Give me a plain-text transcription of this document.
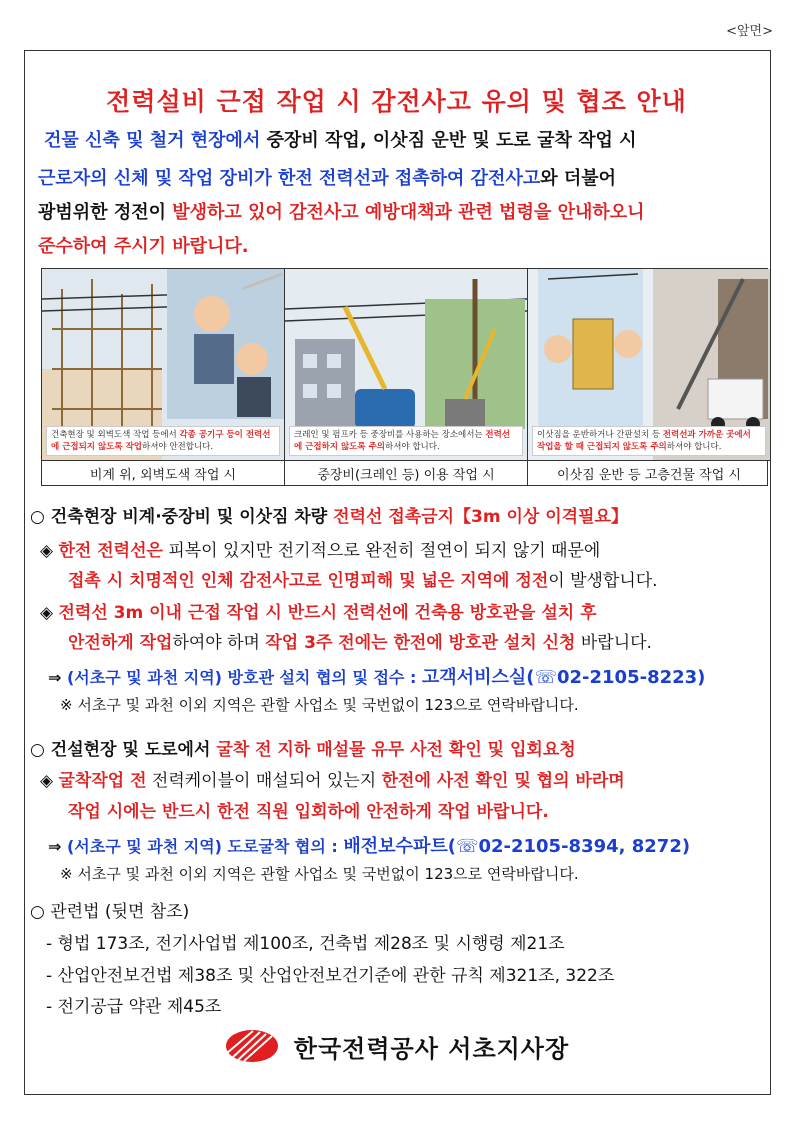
<앞면>
전력설비 근접 작업 시 감전사고 유의 및 협조 안내
건물 신축 및 철거 현장에서 중장비 작업, 이삿짐 운반 및 도로 굴착 작업 시
근로자의 신체 및 작업 장비가 한전 전력선과 접촉하여 감전사고와 더불어
광범위한 정전이 발생하고 있어 감전사고 예방대책과 관련 법령을 안내하오니
준수하여 주시기 바랍니다.
건축현장 및 외벽도색 작업 등에서 각종 공기구 등이 전력선에 근접되지 않도록 작업하셔야 안전합니다.
비계 위, 외벽도색 작업 시
크레인 및 펌프카 등 중장비를 사용하는 장소에서는 전력선에 근접하지 않도록 주의하셔야 합니다.
중장비(크레인 등) 이용 작업 시
이삿짐을 운반하거나 간판설치 등 전력선과 가까운 곳에서 작업을 할 때 근접되지 않도록 주의하셔야 합니다.
이삿짐 운반 등 고층건물 작업 시
○ 건축현장 비계·중장비 및 이삿짐 차량 전력선 접촉금지【3m 이상 이격필요】
◈ 한전 전력선은 피복이 있지만 전기적으로 완전히 절연이 되지 않기 때문에
접촉 시 치명적인 인체 감전사고로 인명피해 및 넓은 지역에 정전이 발생합니다.
◈ 전력선 3m 이내 근접 작업 시 반드시 전력선에 건축용 방호관을 설치 후
안전하게 작업하여야 하며 작업 3주 전에는 한전에 방호관 설치 신청 바랍니다.
⇒ (서초구 및 과천 지역) 방호관 설치 협의 및 접수 : 고객서비스실(☏02-2105-8223)
※ 서초구 및 과천 이외 지역은 관할 사업소 및 국번없이 123으로 연락바랍니다.
○ 건설현장 및 도로에서 굴착 전 지하 매설물 유무 사전 확인 및 입회요청
◈ 굴착작업 전 전력케이블이 매설되어 있는지 한전에 사전 확인 및 협의 바라며
작업 시에는 반드시 한전 직원 입회하에 안전하게 작업 바랍니다.
⇒ (서초구 및 과천 지역) 도로굴착 협의 : 배전보수파트(☏02-2105-8394, 8272)
※ 서초구 및 과천 이외 지역은 관할 사업소 및 국번없이 123으로 연락바랍니다.
○ 관련법 (뒷면 참조)
- 형법 173조, 전기사업법 제100조, 건축법 제28조 및 시행령 제21조
- 산업안전보건법 제38조 및 산업안전보건기준에 관한 규칙 제321조, 322조
- 전기공급 약관 제45조
한국전력공사 서초지사장
